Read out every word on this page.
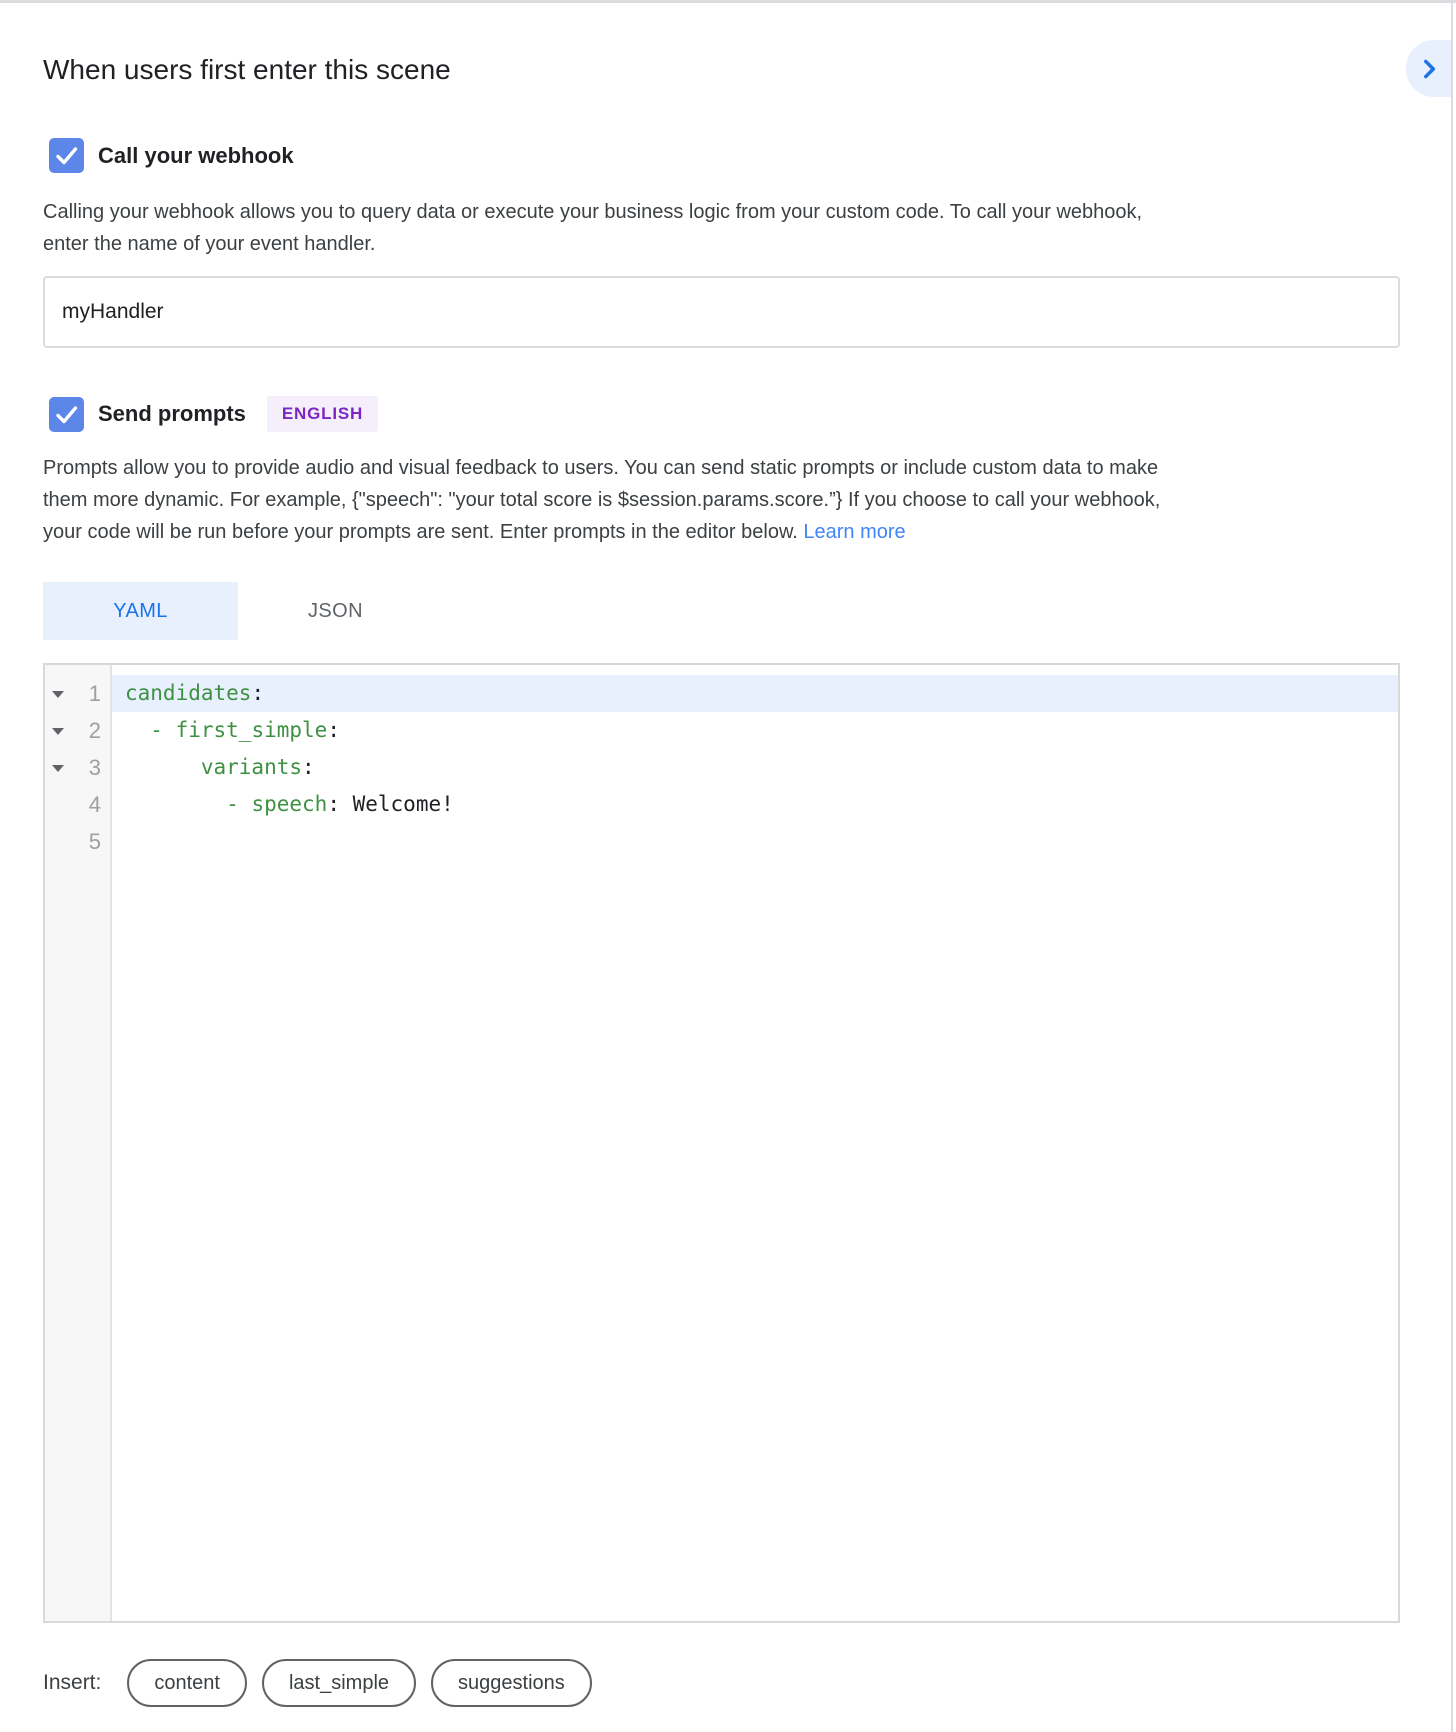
When users first enter this scene
Call your webhook
Calling your webhook allows you to query data or execute your business logic from your custom code. To call your webhook,
enter the name of your event handler.
myHandler
Send prompts	ENGLISH
Prompts allow you to provide audio and visual feedback to users. You can send static prompts or include custom data to make
them more dynamic. For example, {"speech": "your total score is $session.params.score.”} If you choose to call your webhook,
your code will be run before your prompts are sent. Enter prompts in the editor below. Learn more
YAML	JSON
1
2
3
4
5
candidates:
- first_simple:
variants:
- speech: Welcome!

Insert:	content	last_simple	suggestions
